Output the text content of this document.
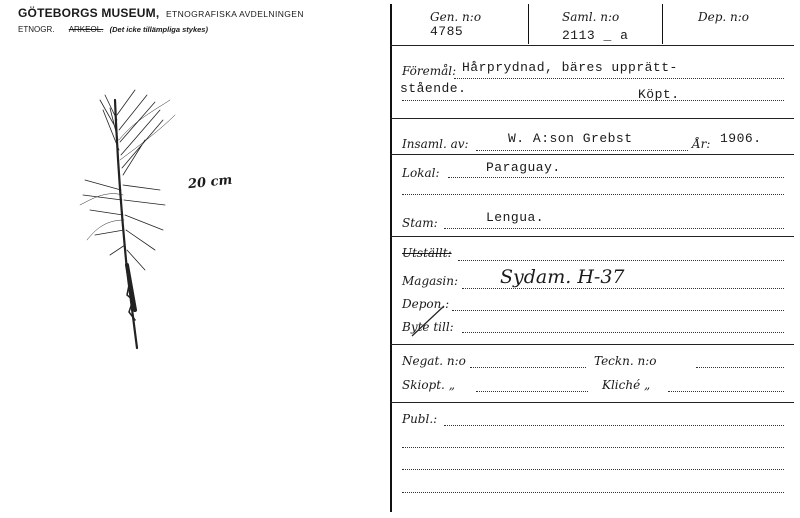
GÖTEBORGS MUSEUM, ETNOGRAFISKA AVDELNINGEN
ETNOGR. ARKEOL. (Det icke tillämpliga stykes)
20 cm
Gen. n:o
4785
Saml. n:o
2113 _ a
Dep. n:o
Föremål: Hårprydnad, bäres upprätt-
stående.	Köpt.
Insaml. av:	W. A:son Grebst	År: 1906.
Lokal:	Paraguay.
Stam:	Lengua.
Utställt:
Magasin: Sydam. H-37
Depon.:
Byte till:
Negat. n:o	Teckn. n:o
Skiopt. „	Kliché „
Publ.:
